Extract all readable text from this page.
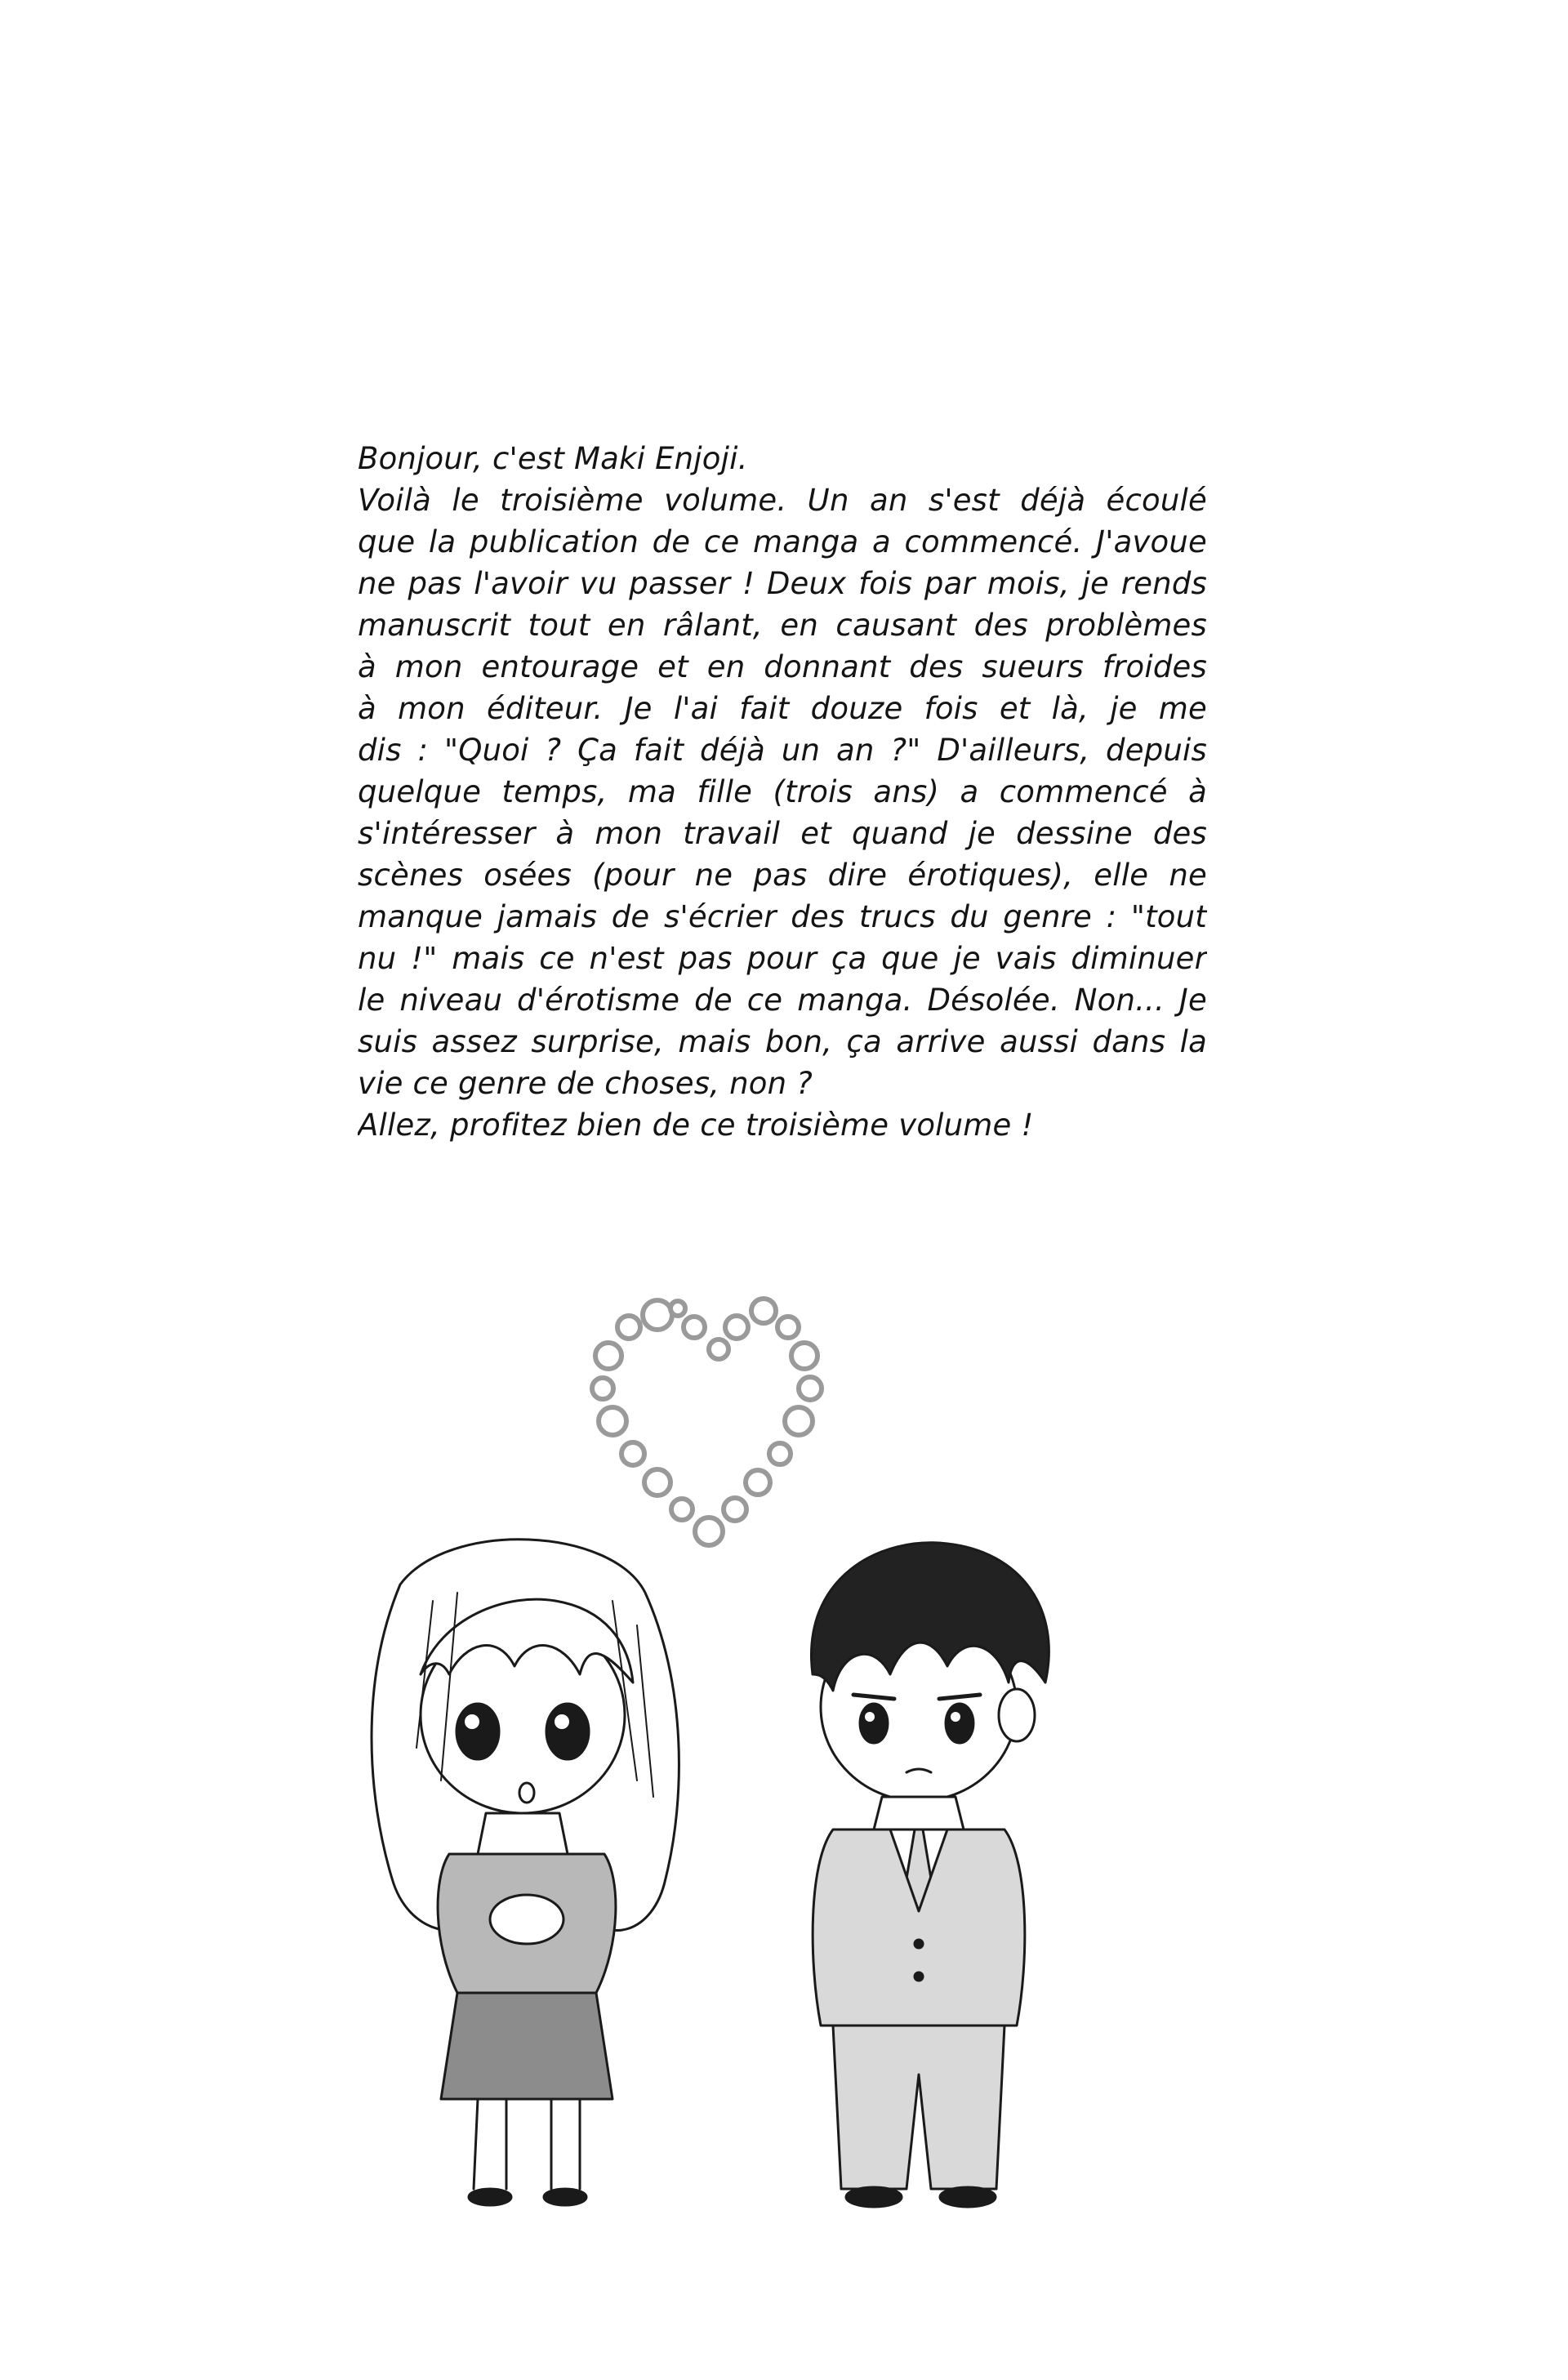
Bonjour, c'est Maki Enjoji.
Voilà le troisième volume. Un an s'est déjà écoulé
que la publication de ce manga a commencé. J'avoue
ne pas l'avoir vu passer ! Deux fois par mois, je rends
manuscrit tout en râlant, en causant des problèmes
à mon entourage et en donnant des sueurs froides
à mon éditeur. Je l'ai fait douze fois et là, je me
dis : "Quoi ? Ça fait déjà un an ?" D'ailleurs, depuis
quelque temps, ma fille (trois ans) a commencé à
s'intéresser à mon travail et quand je dessine des
scènes osées (pour ne pas dire érotiques), elle ne
manque jamais de s'écrier des trucs du genre : "tout
nu !" mais ce n'est pas pour ça que je vais diminuer
le niveau d'érotisme de ce manga. Désolée. Non... Je
suis assez surprise, mais bon, ça arrive aussi dans la
vie ce genre de choses, non ?
Allez, profitez bien de ce troisième volume !
